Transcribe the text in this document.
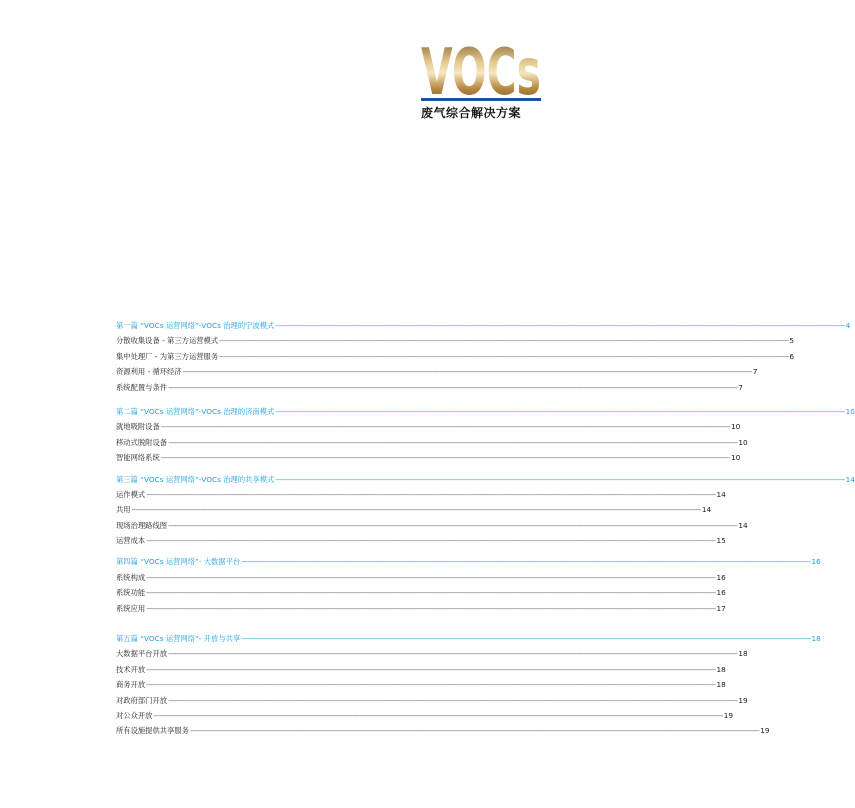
VOCs
废气综合解决方案
第一篇 “VOCs 运营网络”-VOCs 治理的宁波模式 -----	4
分散收集设备 - 第三方运营模式 -----	5
集中处理厂 - 为第三方运营服务 -----	6
资源利用 - 循环经济 -----	7
系统配置与条件 -----	7
第二篇 “VOCs 运营网络”-VOCs 治理的济南模式 -----	10
就地吸附设备 -----	10
移动式脱附设备 -----	10
智能网络系统 -----	10
第三篇 “VOCs 运营网络”-VOCs 治理的共享模式 -----	14
运作模式 -----	14
共用 -----	14
现场治理路线图 -----	14
运营成本 -----	15
第四篇 “VOCs 运营网络”- 大数据平台 -----	16
系统构成 -----	16
系统功能 -----	16
系统应用 -----	17
第五篇 “VOCs 运营网络”- 开放与共享 -----	18
大数据平台开放 -----	18
技术开放 -----	18
商务开放 -----	18
对政府部门开放 -----	19
对公众开放 -----	19
所有设施提供共享服务 -----	19
